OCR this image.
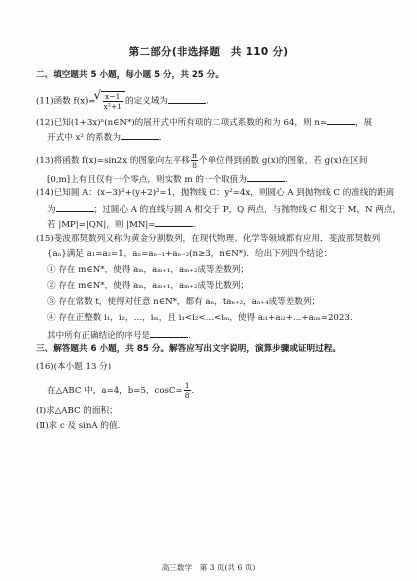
第二部分(非选择题　共 110 分)
二、填空题共 5 小题，每小题 5 分，共 25 分。
(11)函数 f(x)=
√ $\frac{x-1}{\text{x²+1}}$ 的定义域为	.
(12)已知(1+3x)ⁿ(n∈N*)的展开式中所有项的二项式系数的和为 64，则 n=	，展
开式中 x² 的系数为	.
(13)将函数 f(x)=sin2x 的图象向左平移 $\frac{\pi}{8}$ 个单位得到函数 g(x)的图象，若 g(x)在区间
[0,m]上有且仅有一个零点，则实数 m 的一个取值为	.
(14)已知圆 A：(x−3)²+(y+2)²=1，抛物线 C：y²=4x，则圆心 A 到抛物线 C 的准线的距离
为	；过圆心 A 的直线与圆 A 相交于 P，Q 两点，与抛物线 C 相交于 M，N 两点，
若 |MP|=|QN|，则 |MN|=	.
(15)斐波那契数列又称为黄金分割数列，在现代物理、化学等领域都有应用．斐波那契数列
{aₙ}满足 a₁=a₂=1，aₙ=aₙ₋₁+aₙ₋₂(n≥3，n∈N*)．给出下列四个结论：
① 存在 m∈N*，使得 aₘ，aₘ₊₁，aₘ₊₂成等差数列；
② 存在 m∈N*，使得 aₘ，aₘ₊₁，aₘ₊₂成等比数列；
③ 存在常数 t，使得对任意 n∈N*，都有 aₙ，taₙ₊₂，aₙ₊₄成等差数列；
④ 存在正整数 i₁，i₂，…，iₘ，且 i₁<i₂<…<iₘ，使得 aᵢ₁+aᵢ₂+…+aᵢₘ=2023.
其中所有正确结论的序号是	.
三、解答题共 6 小题，共 85 分。解答应写出文字说明，演算步骤或证明过程。
(16)(本小题 13 分)
在△ABC 中，a=4，b=5，$\cos C= \frac{1}{8}$ .
(Ⅰ)求△ABC 的面积；
(Ⅱ)求 c 及 sinA 的值.
高三数学　第 3 页(共 6 页)
